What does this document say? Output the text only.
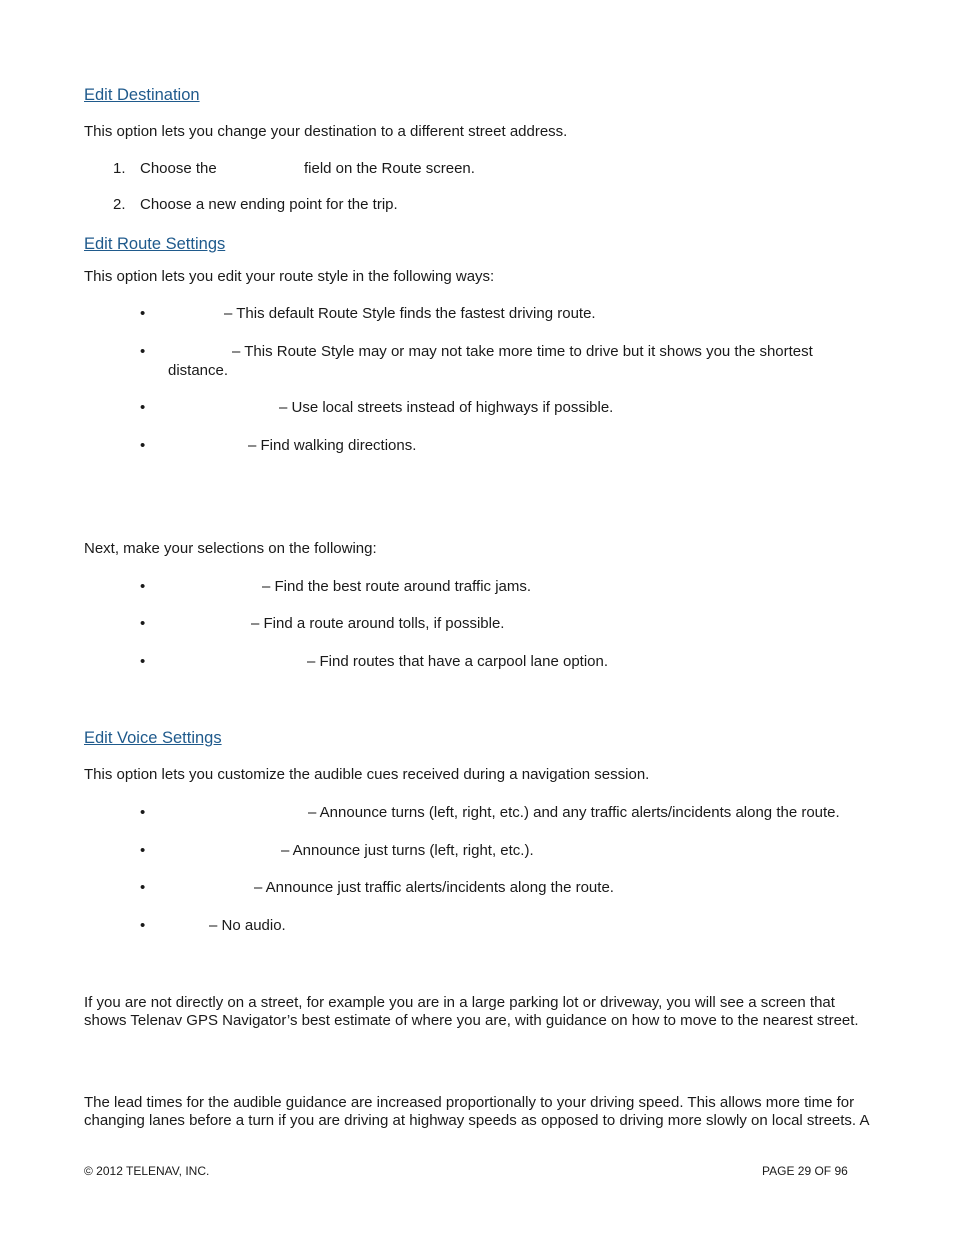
Edit Destination
This option lets you change your destination to a different street address.
1. Choose the	field on the Route screen.
2. Choose a new ending point for the trip.
Edit Route Settings
This option lets you edit your route style in the following ways:
•	– This default Route Style finds the fastest driving route.
•	– This Route Style may or may not take more time to drive but it shows you the shortest
distance.
•	– Use local streets instead of highways if possible.
•	– Find walking directions.
Next, make your selections on the following:
•	– Find the best route around traffic jams.
•	– Find a route around tolls, if possible.
•	– Find routes that have a carpool lane option.
Edit Voice Settings
This option lets you customize the audible cues received during a navigation session.
•	– Announce turns (left, right, etc.) and any traffic alerts/incidents along the route.
•	– Announce just turns (left, right, etc.).
•	– Announce just traffic alerts/incidents along the route.
•	– No audio.
If you are not directly on a street, for example you are in a large parking lot or driveway, you will see a screen that shows Telenav GPS Navigator’s best estimate of where you are, with guidance on how to move to the nearest street.
The lead times for the audible guidance are increased proportionally to your driving speed. This allows more time for
changing lanes before a turn if you are driving at highway speeds as opposed to driving more slowly on local streets. A
© 2012 TELENAV, INC.	PAGE 29 OF 96
